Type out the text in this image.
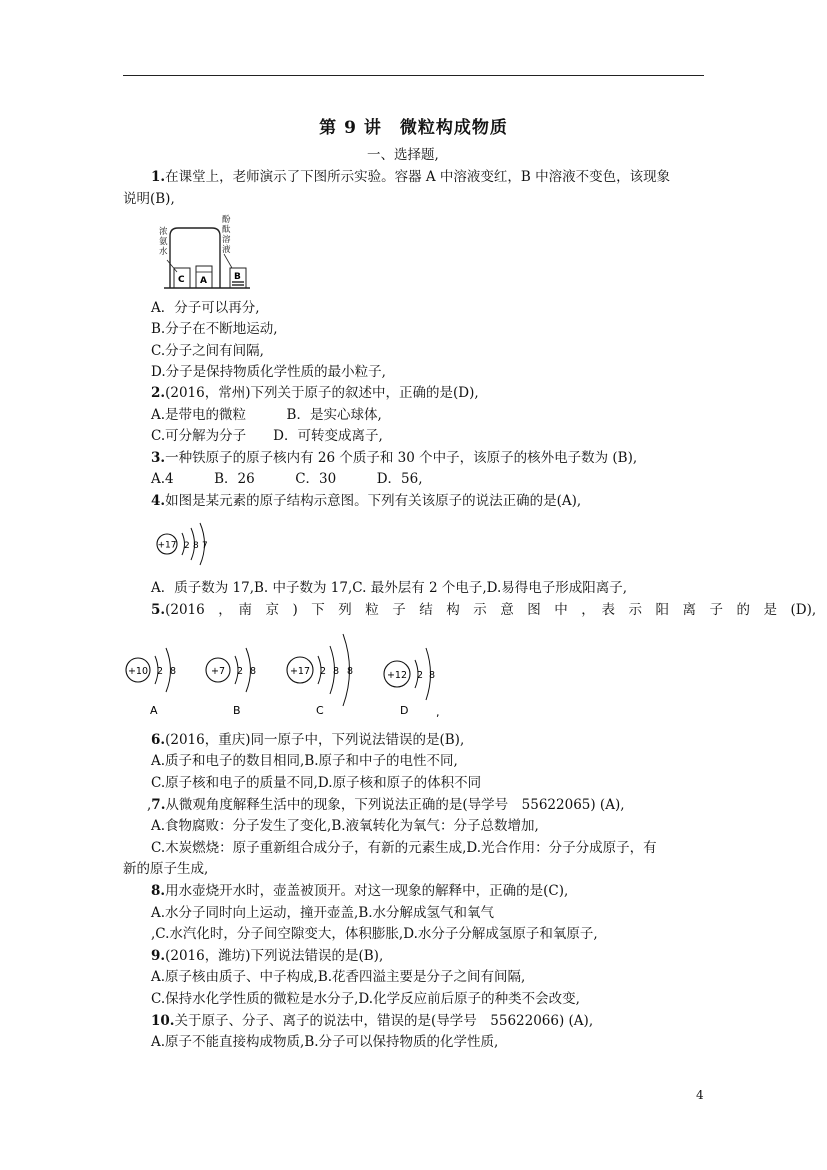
第 9 讲　微粒构成物质
一、选择题,
1.在课堂上，老师演示了下图所示实验。容器 A 中溶液变红，B 中溶液不变色，该现象
说明(B),
浓
氨
水
酚
酞
溶
液
C A	B
A．分子可以再分,
B.分子在不断地运动,
C.分子之间有间隔,
D.分子是保持物质化学性质的最小粒子,
2.(2016，常州)下列关于原子的叙述中，正确的是(D),
A.是带电的微粒　　　B．是实心球体,
C.可分解为分子　　D．可转变成离子,
3.一种铁原子的原子核内有 26 个质子和 30 个中子，该原子的核外电子数为 (B),
A.4　　　B．26　　　C．30　　　D．56,
4.如图是某元素的原子结构示意图。下列有关该原子的说法正确的是(A),
+17 2 8 7
A．质子数为 17,B. 中子数为 17,C. 最外层有 2 个电子,D.易得电子形成阳离子,
5.(2016　，　南　京　)　下　列　粒　子　结　构　示　意　图　中　，　表　示　阳　离　子　的　是　(D),
+10 2 8
A
+7 2 8
B
+17 2 8 8
C
+12 2 8
D	,
6.(2016，重庆)同一原子中，下列说法错误的是(B),
A.质子和电子的数目相同,B.原子和中子的电性不同,
C.原子核和电子的质量不同,D.原子核和原子的体积不同
,7.从微观角度解释生活中的现象，下列说法正确的是(导学号　55622065) (A),
A.食物腐败：分子发生了变化,B.液氧转化为氧气：分子总数增加,
C.木炭燃烧：原子重新组合成分子，有新的元素生成,D.光合作用：分子分成原子，有
新的原子生成,
8.用水壶烧开水时，壶盖被顶开。对这一现象的解释中，正确的是(C),
A.水分子同时向上运动，撞开壶盖,B.水分解成氢气和氧气
,C.水汽化时，分子间空隙变大，体积膨胀,D.水分子分解成氢原子和氧原子,
9.(2016，潍坊)下列说法错误的是(B),
A.原子核由质子、中子构成,B.花香四溢主要是分子之间有间隔,
C.保持水化学性质的微粒是水分子,D.化学反应前后原子的种类不会改变,
10.关于原子、分子、离子的说法中，错误的是(导学号　55622066) (A),
A.原子不能直接构成物质,B.分子可以保持物质的化学性质,
4
